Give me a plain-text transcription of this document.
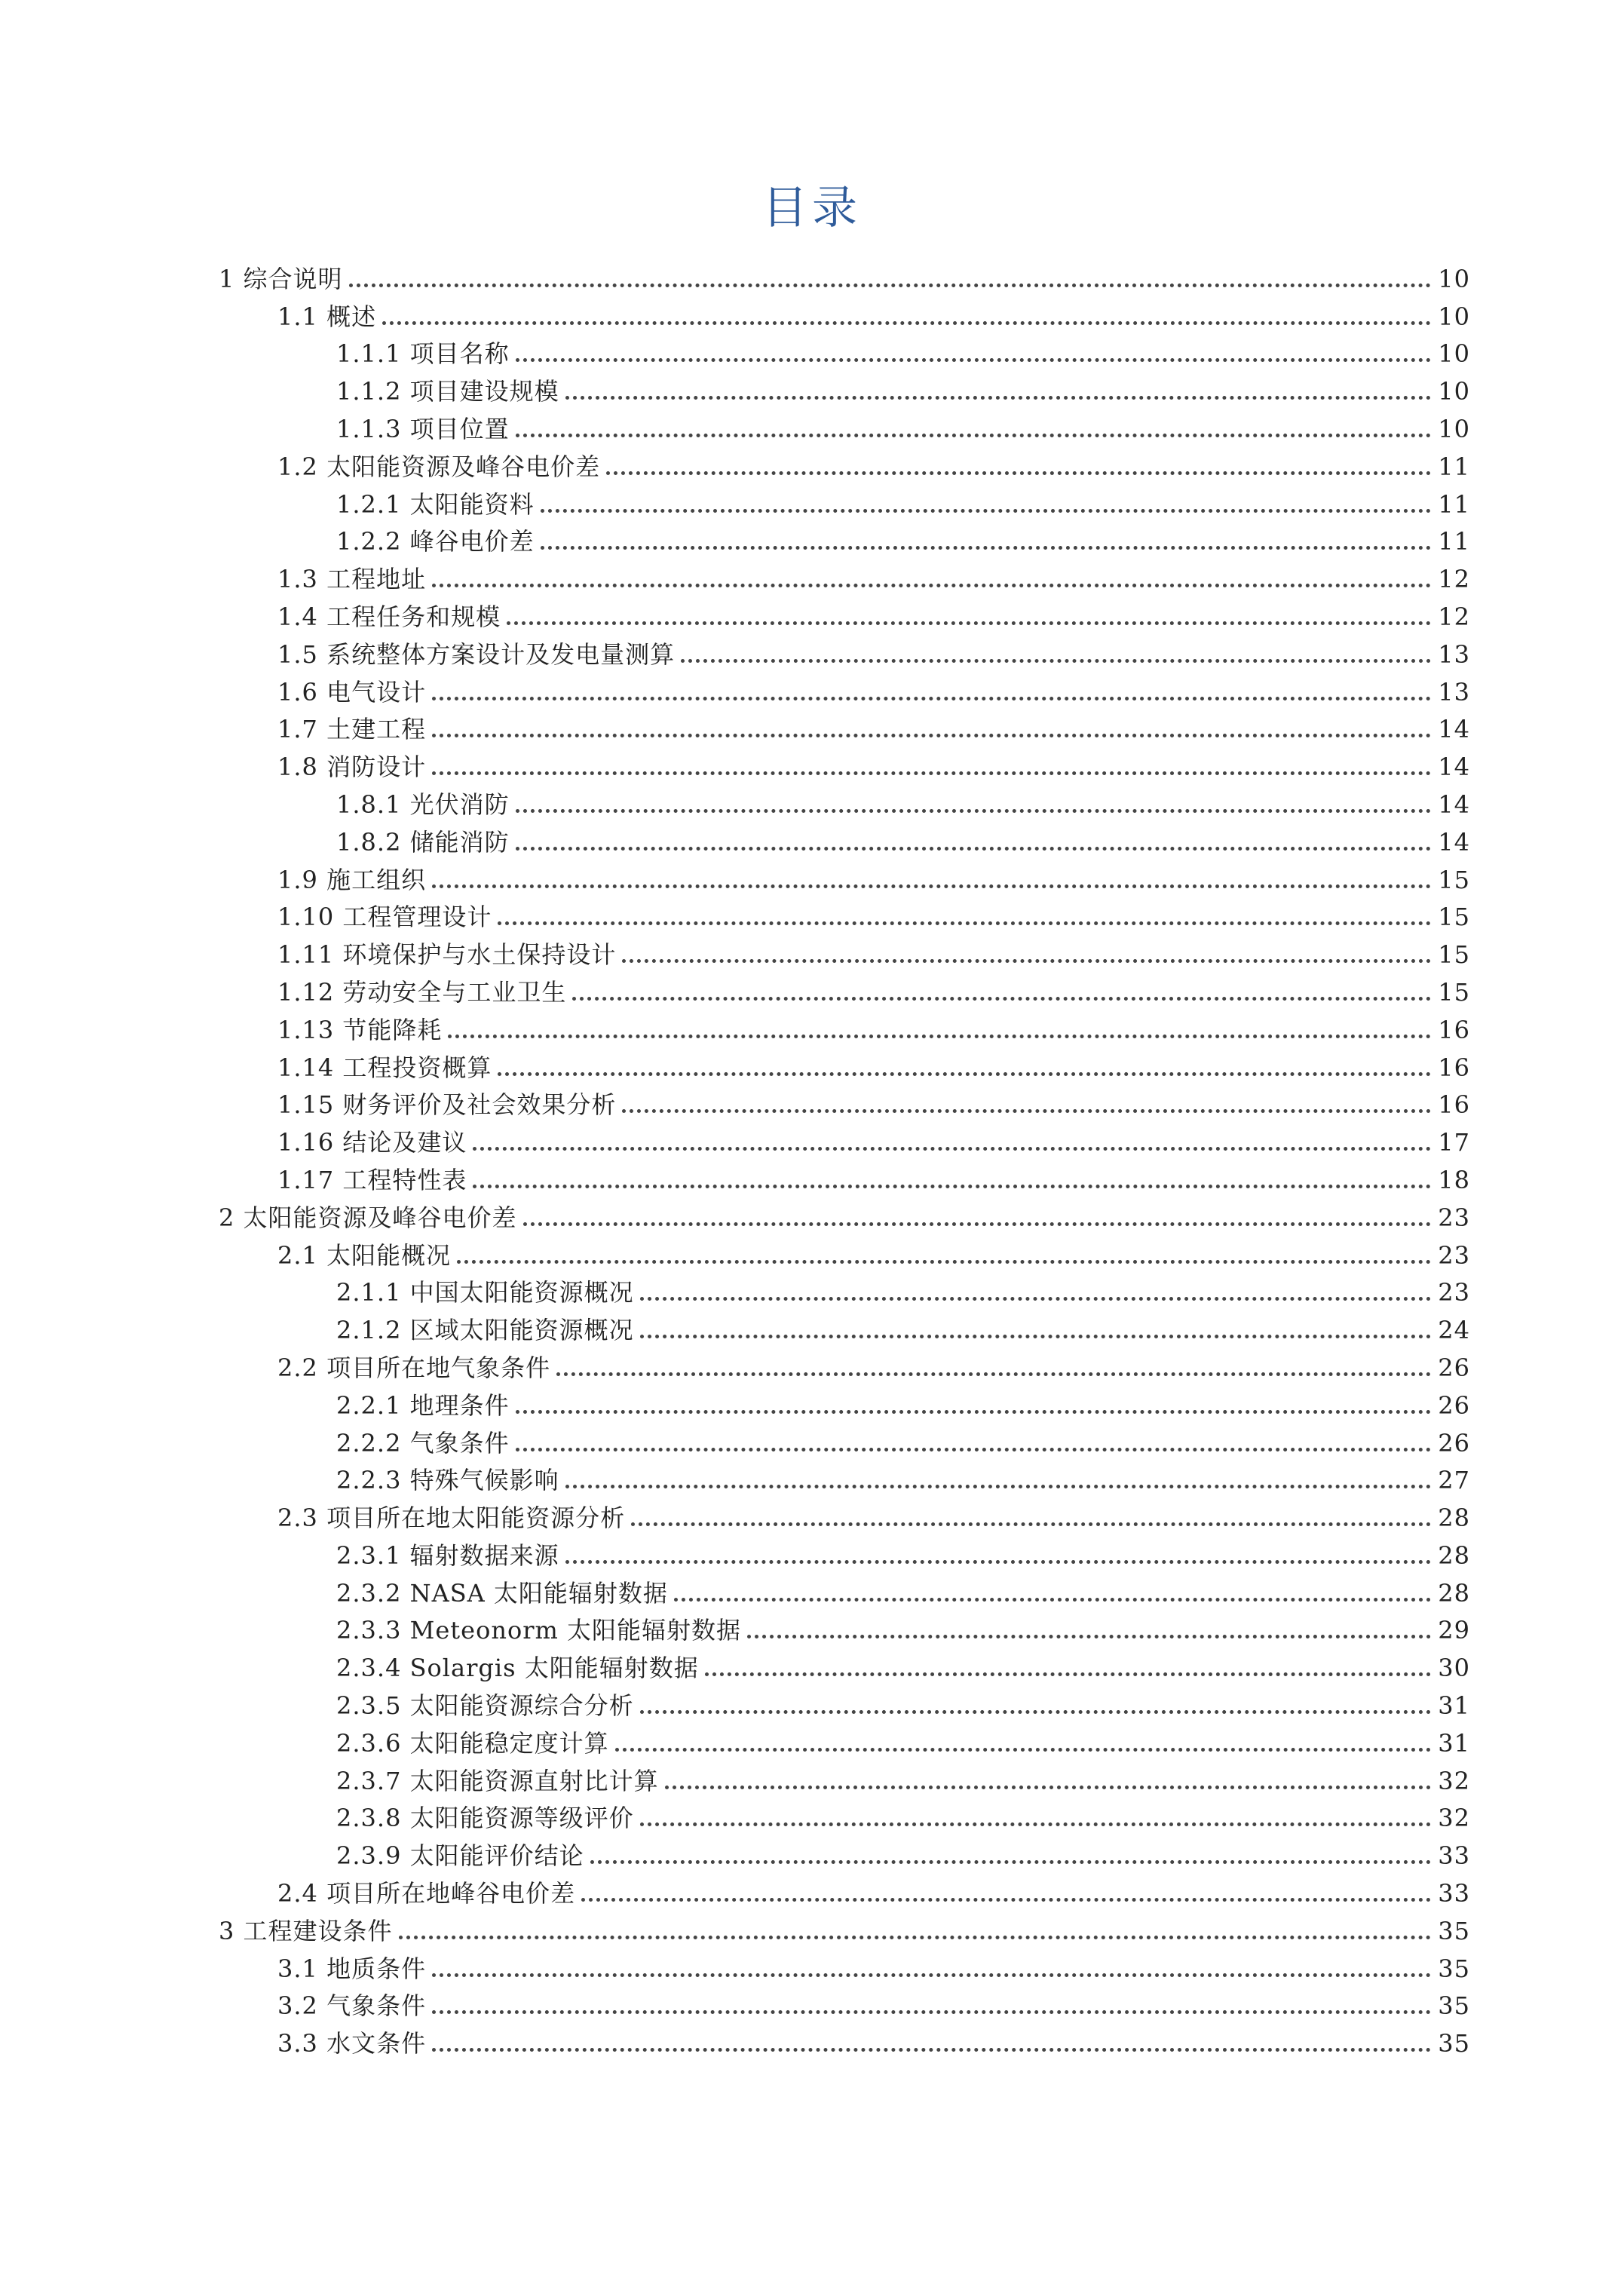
目录
1 综合说明	10
1.1 概述	10
1.1.1 项目名称	10
1.1.2 项目建设规模	10
1.1.3 项目位置	10
1.2 太阳能资源及峰谷电价差	11
1.2.1 太阳能资料	11
1.2.2 峰谷电价差	11
1.3 工程地址	12
1.4 工程任务和规模	12
1.5 系统整体方案设计及发电量测算	13
1.6 电气设计	13
1.7 土建工程	14
1.8 消防设计	14
1.8.1 光伏消防	14
1.8.2 储能消防	14
1.9 施工组织	15
1.10 工程管理设计	15
1.11 环境保护与水土保持设计	15
1.12 劳动安全与工业卫生	15
1.13 节能降耗	16
1.14 工程投资概算	16
1.15 财务评价及社会效果分析	16
1.16 结论及建议	17
1.17 工程特性表	18
2 太阳能资源及峰谷电价差	23
2.1 太阳能概况	23
2.1.1 中国太阳能资源概况	23
2.1.2 区域太阳能资源概况	24
2.2 项目所在地气象条件	26
2.2.1 地理条件	26
2.2.2 气象条件	26
2.2.3 特殊气候影响	27
2.3 项目所在地太阳能资源分析	28
2.3.1 辐射数据来源	28
2.3.2 NASA 太阳能辐射数据	28
2.3.3 Meteonorm 太阳能辐射数据	29
2.3.4 Solargis 太阳能辐射数据	30
2.3.5 太阳能资源综合分析	31
2.3.6 太阳能稳定度计算	31
2.3.7 太阳能资源直射比计算	32
2.3.8 太阳能资源等级评价	32
2.3.9 太阳能评价结论	33
2.4 项目所在地峰谷电价差	33
3 工程建设条件	35
3.1 地质条件	35
3.2 气象条件	35
3.3 水文条件	35
